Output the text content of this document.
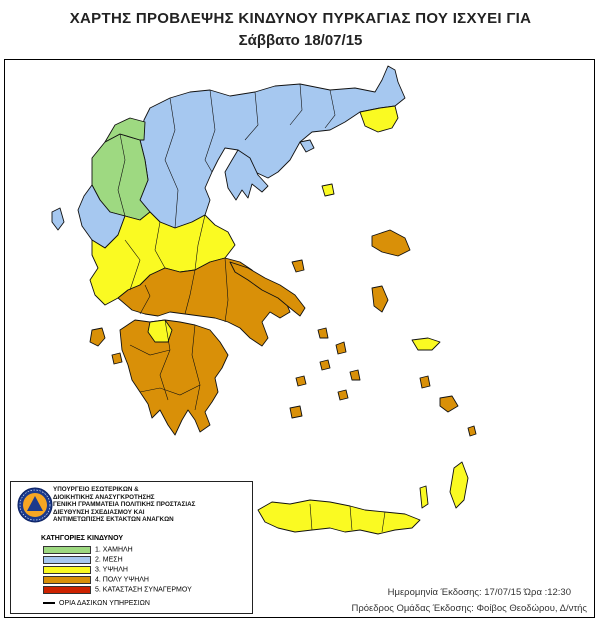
ΧΑΡΤΗΣ ΠΡΟΒΛΕΨΗΣ ΚΙΝΔΥΝΟΥ ΠΥΡΚΑΓΙΑΣ ΠΟΥ ΙΣΧΥΕΙ ΓΙΑ
Σάββατο 18/07/15
ΥΠΟΥΡΓΕΙΟ ΕΣΩΤΕΡΙΚΩΝ &
ΔΙΟΙΚΗΤΙΚΗΣ ΑΝΑΣΥΓΚΡΟΤΗΣΗΣ
ΓΕΝΙΚΗ ΓΡΑΜΜΑΤΕΙΑ ΠΟΛΙΤΙΚΗΣ ΠΡΟΣΤΑΣΙΑΣ
ΔΙΕΥΘΥΝΣΗ ΣΧΕΔΙΑΣΜΟΥ ΚΑΙ
ΑΝΤΙΜΕΤΩΠΙΣΗΣ ΕΚΤΑΚΤΩΝ ΑΝΑΓΚΩΝ
ΚΑΤΗΓΟΡΙΕΣ ΚΙΝΔΥΝΟΥ
1. ΧΑΜΗΛΗ
2. ΜΕΣΗ
3. ΥΨΗΛΗ
4. ΠΟΛΥ ΥΨΗΛΗ
5. ΚΑΤΑΣΤΑΣΗ ΣΥΝΑΓΕΡΜΟΥ
ΟΡΙΑ ΔΑΣΙΚΩΝ ΥΠΗΡΕΣΙΩΝ
Ημερομηνία Έκδοσης: 17/07/15 Ώρα :12:30
Πρόεδρος Ομάδας Έκδοσης: Φοίβος Θεοδώρου, Δ/ντής
